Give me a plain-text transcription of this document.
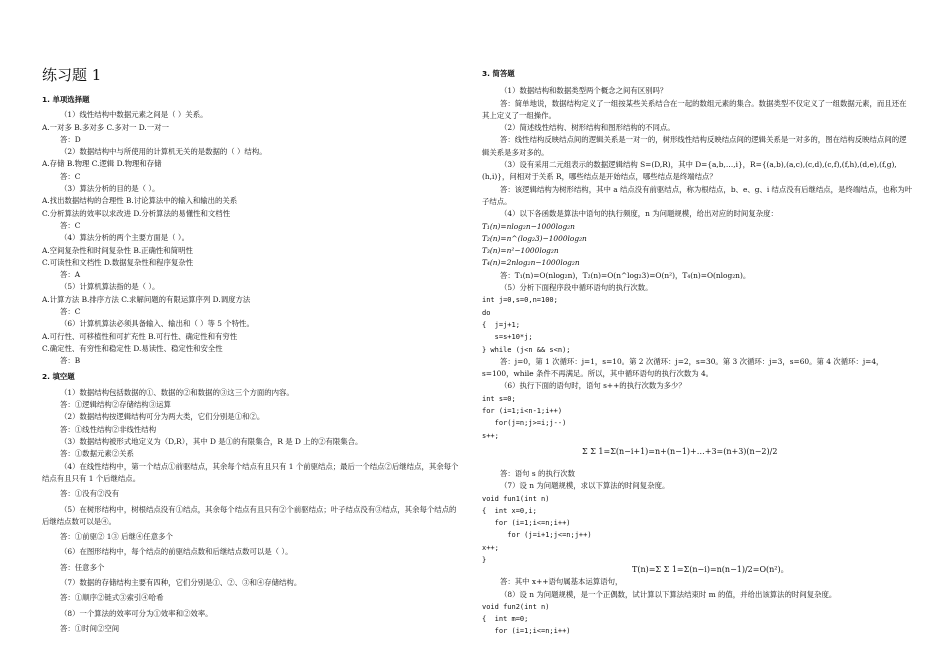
练习题 1
1. 单项选择题
（1）线性结构中数据元素之间是（ ）关系。
A.一对多 B.多对多 C.多对一 D.一对一
答：D
（2）数据结构中与所使用的计算机无关的是数据的（ ）结构。
A.存储 B.物理 C.逻辑 D.物理和存储
答：C
（3）算法分析的目的是（ ）。
A.找出数据结构的合理性 B.讨论算法中的输入和输出的关系
C.分析算法的效率以求改进 D.分析算法的易懂性和文档性
答：C
（4）算法分析的两个主要方面是（ ）。
A.空间复杂性和时间复杂性 B.正确性和简明性
C.可读性和文档性 D.数据复杂性和程序复杂性
答：A
（5）计算机算法指的是（ ）。
A.计算方法 B.排序方法 C.求解问题的有限运算序列 D.调度方法
答：C
（6）计算机算法必须具备输入、输出和（ ）等 5 个特性。
A.可行性、可移植性和可扩充性 B.可行性、确定性和有穷性
C.确定性、有穷性和稳定性 D.易读性、稳定性和安全性
答：B
2. 填空题
（1）数据结构包括数据的①、数据的②和数据的③这三个方面的内容。
答：①逻辑结构②存储结构③运算
（2）数据结构按逻辑结构可分为两大类，它们分别是①和②。
答：①线性结构②非线性结构
（3）数据结构被形式地定义为（D,R），其中 D 是①的有限集合，R 是 D 上的②有限集合。
答：①数据元素②关系
（4）在线性结构中，第一个结点①前驱结点，其余每个结点有且只有 1 个前驱结点；最后一个结点②后继结点，其余每个结点有且只有 1 个后继结点。
答：①没有②没有
（5）在树形结构中，树根结点没有①结点，其余每个结点有且只有②个前驱结点；叶子结点没有③结点，其余每个结点的后继结点数可以是④。
答：①前驱② 1③ 后继④任意多个
（6）在图形结构中，每个结点的前驱结点数和后继结点数可以是（ ）。
答：任意多个
（7）数据的存储结构主要有四种，它们分别是①、②、③和④存储结构。
答：①顺序②链式③索引④哈希
（8）一个算法的效率可分为①效率和②效率。
答：①时间②空间
3. 简答题
（1）数据结构和数据类型两个概念之间有区别吗？
答：简单地说，数据结构定义了一组按某些关系结合在一起的数组元素的集合。数据类型不仅定义了一组数据元素，而且还在其上定义了一组操作。
（2）简述线性结构、树形结构和图形结构的不同点。
答：线性结构反映结点间的逻辑关系是一对一的，树形线性结构反映结点间的逻辑关系是一对多的，图在结构反映结点间的逻辑关系是多对多的。
（3）设有采用二元组表示的数据逻辑结构 S=(D,R)，其中 D={a,b,…,i}，R={(a,b),(a,c),(c,d),(c,f),(f,h),(d,e),(f,g),(h,i)}，问相对于关系 R，哪些结点是开始结点，哪些结点是终端结点？
答：该逻辑结构为树形结构，其中 a 结点没有前驱结点，称为根结点，b、e、g、i 结点没有后继结点，是终端结点，也称为叶子结点。
（4）以下各函数是算法中语句的执行频度，n 为问题规模，给出对应的时间复杂度：
T₁(n)=nlog₂n−1000log₂n
T₂(n)=n^(log₂3)−1000log₂n
T₃(n)=n²−1000log₂n
T₄(n)=2nlog₂n−1000log₂n
答：T₁(n)=O(nlog₂n)，T₂(n)=O(n^log₂3)=O(n²)，T₄(n)=O(nlog₂n)。
（5）分析下面程序段中循环语句的执行次数。
int j=0,s=0,n=100;
do
{  j=j+1;
s=s+10*j;
} while (j<n && s<n);
答：j=0，第 1 次循环：j=1，s=10。第 2 次循环：j=2，s=30。第 3 次循环：j=3，s=60。第 4 次循环：j=4，s=100，while 条件不再满足。所以，其中循环语句的执行次数为 4。
（6）执行下面的语句时，语句 s++的执行次数为多少？
int s=0;
for (i=1;i<n-1;i++)
for(j=n;j>=i;j--)
s++;
Σ Σ 1=Σ(n−i+1)=n+(n−1)+…+3=(n+3)(n−2)/2
答：语句 s 的执行次数
（7）设 n 为问题规模，求以下算法的时间复杂度。
void fun1(int n)
{  int x=0,i;
for (i=1;i<=n;i++)
for (j=i+1;j<=n;j++)
x++;
}
T(n)=Σ Σ 1=Σ(n−i)=n(n−1)/2=O(n²)。
答：其中 x++语句属基本运算语句，
（8）设 n 为问题规模，是一个正偶数，试计算以下算法结束时 m 的值，并给出该算法的时间复杂度。
void fun2(int n)
{  int m=0;
for (i=1;i<=n;i++)
